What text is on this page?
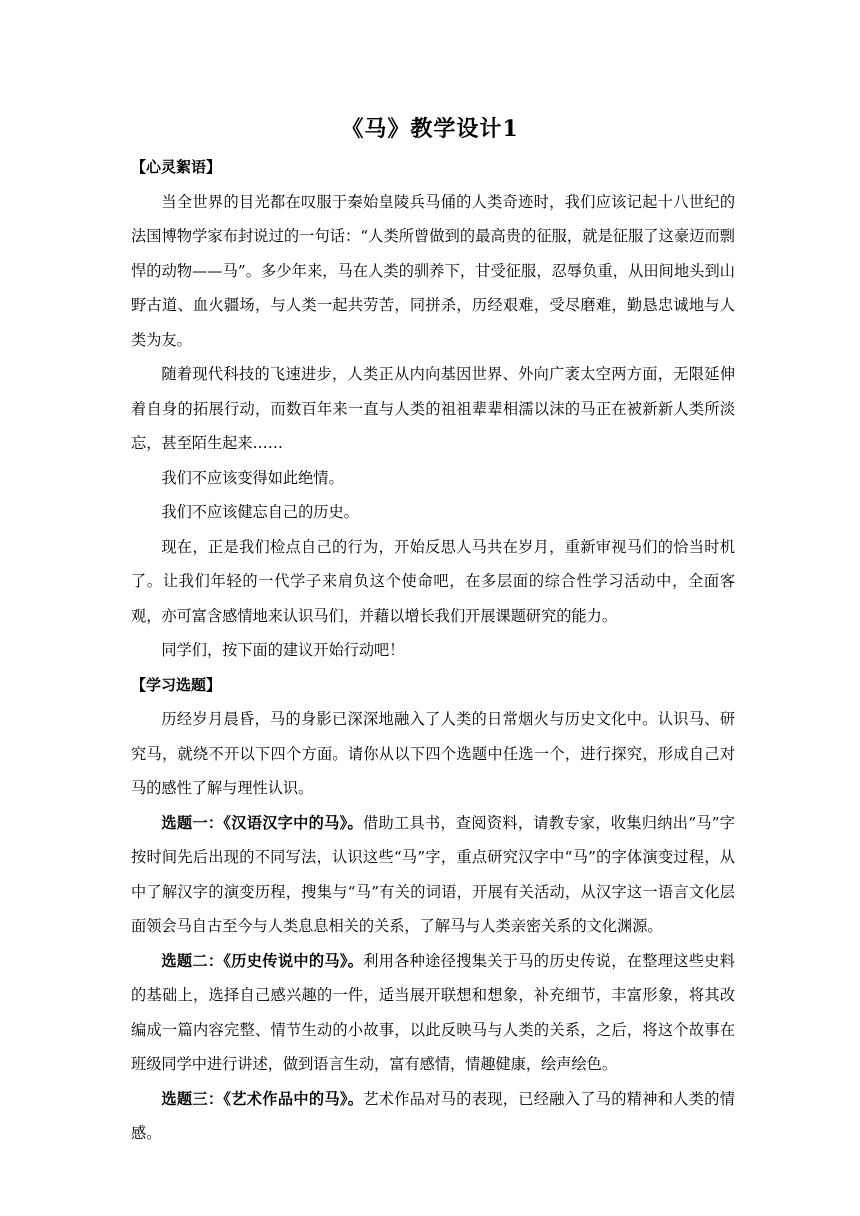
《马》教学设计1

【心灵絮语】

当全世界的目光都在叹服于秦始皇陵兵马俑的人类奇迹时，我们应该记起十八世纪的法国博物学家布封说过的一句话：“人类所曾做到的最高贵的征服，就是征服了这豪迈而剽悍的动物——马”。多少年来，马在人类的驯养下，甘受征服，忍辱负重，从田间地头到山野古道、血火疆场，与人类一起共劳苦，同拼杀，历经艰难，受尽磨难，勤恳忠诚地与人类为友。

随着现代科技的飞速进步，人类正从内向基因世界、外向广袤太空两方面，无限延伸着自身的拓展行动，而数百年来一直与人类的祖祖辈辈相濡以沫的马正在被新新人类所淡忘，甚至陌生起来……

我们不应该变得如此绝情。

我们不应该健忘自己的历史。

现在，正是我们检点自己的行为，开始反思人马共在岁月，重新审视马们的恰当时机了。让我们年轻的一代学子来肩负这个使命吧，在多层面的综合性学习活动中，全面客观，亦可富含感情地来认识马们，并藉以增长我们开展课题研究的能力。

同学们，按下面的建议开始行动吧！

【学习选题】

历经岁月晨昏，马的身影已深深地融入了人类的日常烟火与历史文化中。认识马、研究马，就绕不开以下四个方面。请你从以下四个选题中任选一个，进行探究，形成自己对马的感性了解与理性认识。

选题一：《汉语汉字中的马》。借助工具书，查阅资料，请教专家，收集归纳出“马”字按时间先后出现的不同写法，认识这些“马”字，重点研究汉字中“马”的字体演变过程，从中了解汉字的演变历程，搜集与“马”有关的词语，开展有关活动，从汉字这一语言文化层面领会马自古至今与人类息息相关的关系，了解马与人类亲密关系的文化渊源。

选题二：《历史传说中的马》。利用各种途径搜集关于马的历史传说，在整理这些史料的基础上，选择自己感兴趣的一件，适当展开联想和想象，补充细节，丰富形象，将其改编成一篇内容完整、情节生动的小故事，以此反映马与人类的关系，之后，将这个故事在班级同学中进行讲述，做到语言生动，富有感情，情趣健康，绘声绘色。

选题三：《艺术作品中的马》。艺术作品对马的表现，已经融入了马的精神和人类的情感。
